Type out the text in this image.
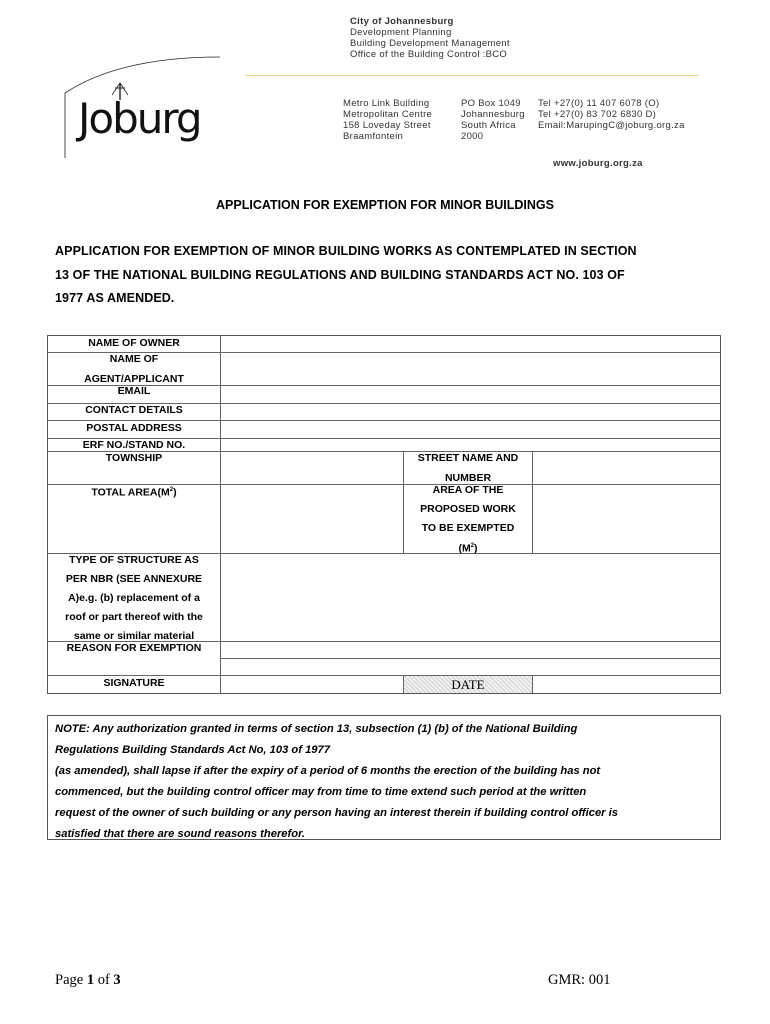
Joburg
City of Johannesburg
Development Planning
Building Development Management
Office of the Building Control :BCO
Metro Link Building
Metropolitan Centre
158 Loveday Street
Braamfontein
PO Box 1049
Johannesburg
South Africa
2000
Tel +27(0) 11 407 6078 (O)
Tel +27(0) 83 702 6830 D)
Email:MarupingC@joburg.org.za
www.joburg.org.za
APPLICATION FOR EXEMPTION FOR MINOR BUILDINGS
APPLICATION FOR EXEMPTION OF MINOR BUILDING WORKS AS CONTEMPLATED IN SECTION
13 OF THE NATIONAL BUILDING REGULATIONS AND BUILDING STANDARDS ACT NO. 103 OF
1977 AS AMENDED.
NAME OF OWNER
NAME OF
AGENT/APPLICANT
EMAIL
CONTACT DETAILS
POSTAL ADDRESS
ERF NO./STAND NO.
TOWNSHIP	STREET NAME AND
NUMBER
TOTAL $AREA(M^2)$	AREA OF THE
PROPOSED WORK
TO BE EXEMPTED
$(M^2)$
TYPE OF STRUCTURE AS
PER NBR (SEE ANNEXURE
A)e.g. (b) replacement of a
roof or part thereof with the
same or similar material
REASON FOR EXEMPTION
SIGNATURE	DATE

NOTE: Any authorization granted in terms of section 13, subsection (1) (b) of the National Building

Regulations Building Standards Act No, 103 of 1977

(as amended), shall lapse if after the expiry of a period of 6 months the erection of the building has not

commenced, but the building control officer may from time to time extend such period at the written

request of the owner of such building or any person having an interest therein if building control officer is

satisfied that there are sound reasons therefor.

Page 1 of 3	GMR: 001
